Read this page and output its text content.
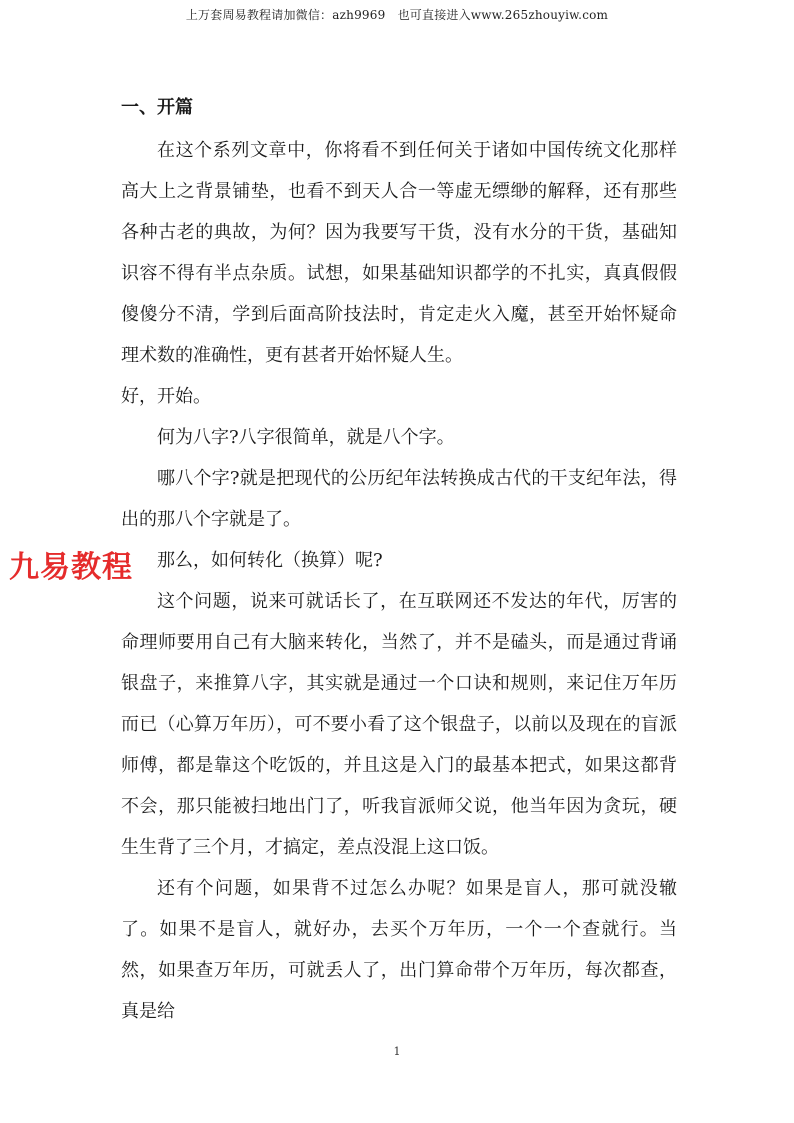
上万套周易教程请加微信：azh9969　也可直接进入www.265zhouyiw.com
一、开篇

在这个系列文章中，你将看不到任何关于诸如中国传统文化那样高大上之背景铺垫，也看不到天人合一等虚无缥缈的解释，还有那些各种古老的典故，为何？因为我要写干货，没有水分的干货，基础知识容不得有半点杂质。试想，如果基础知识都学的不扎实，真真假假傻傻分不清，学到后面高阶技法时，肯定走火入魔，甚至开始怀疑命理术数的准确性，更有甚者开始怀疑人生。

好，开始。

何为八字?八字很简单，就是八个字。

哪八个字?就是把现代的公历纪年法转换成古代的干支纪年法，得出的那八个字就是了。

那么，如何转化（换算）呢?

这个问题，说来可就话长了，在互联网还不发达的年代，厉害的命理师要用自己有大脑来转化，当然了，并不是磕头，而是通过背诵银盘子，来推算八字，其实就是通过一个口诀和规则，来记住万年历而已（心算万年历），可不要小看了这个银盘子，以前以及现在的盲派师傅，都是靠这个吃饭的，并且这是入门的最基本把式，如果这都背不会，那只能被扫地出门了，听我盲派师父说，他当年因为贪玩，硬生生背了三个月，才搞定，差点没混上这口饭。

还有个问题，如果背不过怎么办呢？如果是盲人，那可就没辙了。如果不是盲人，就好办，去买个万年历，一个一个查就行。当然，如果查万年历，可就丢人了，出门算命带个万年历，每次都查，真是给

九易教程
1
